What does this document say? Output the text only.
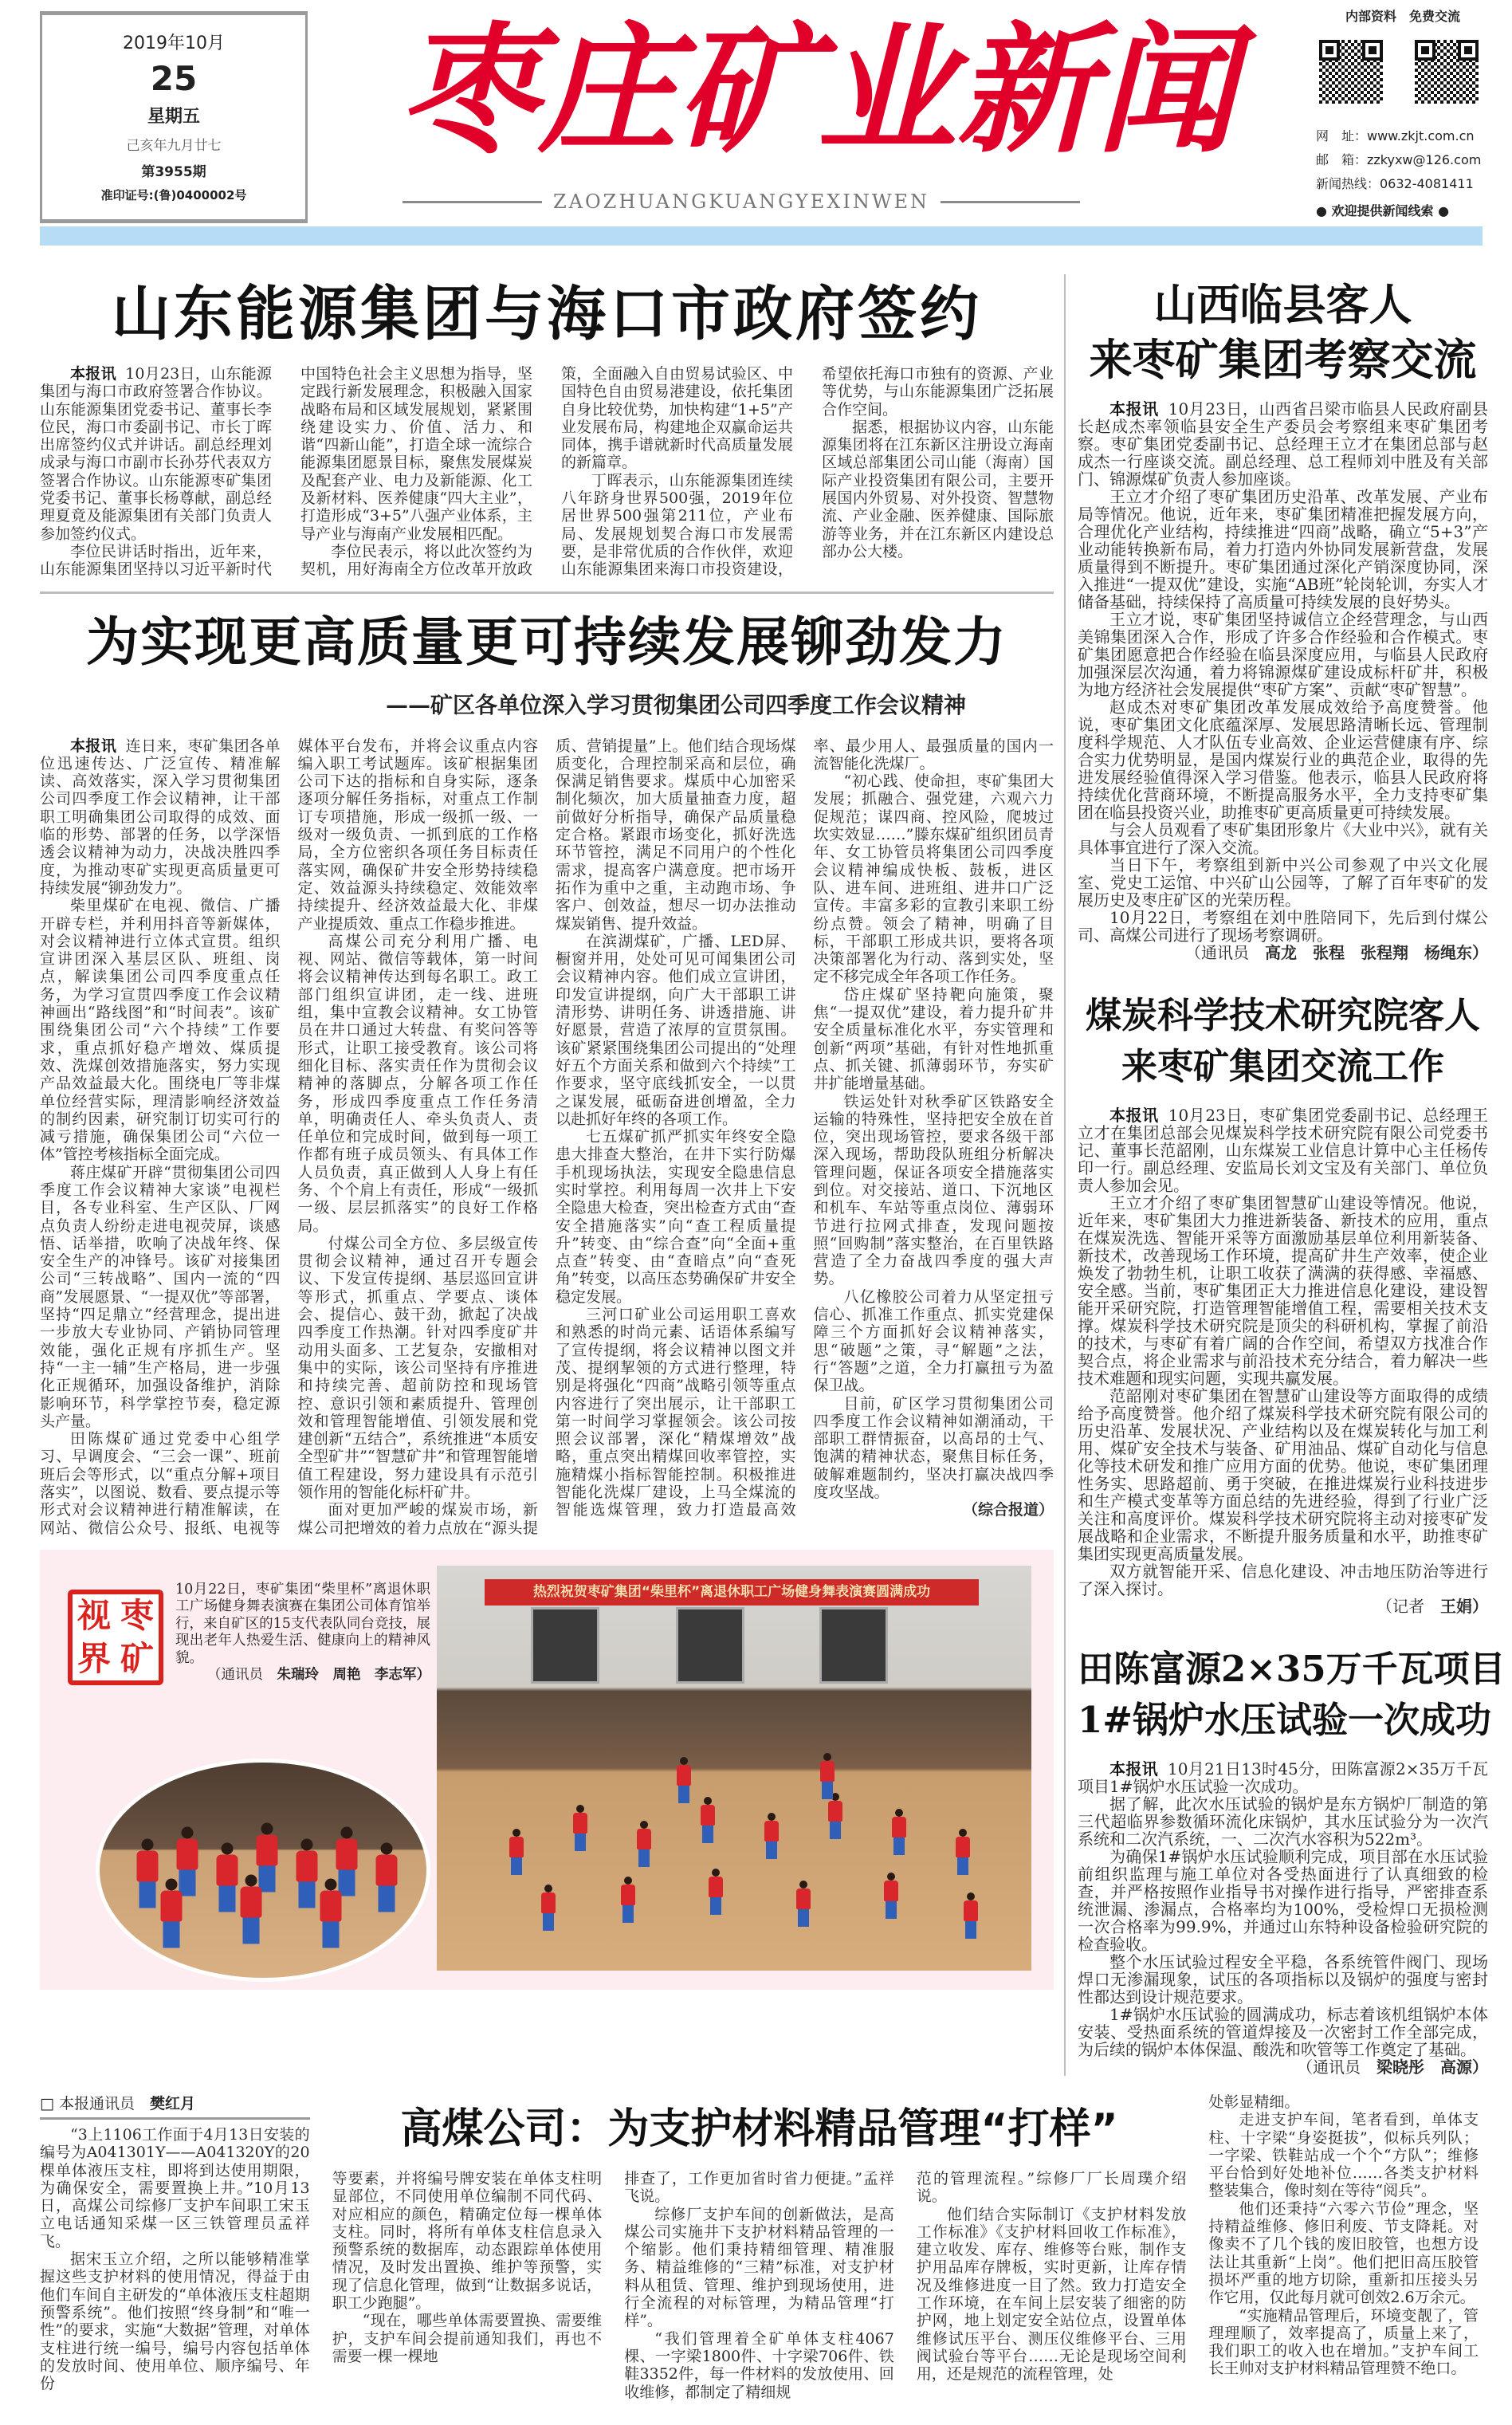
2019年10月
25
星期五
己亥年九月廿七
第3955期
准印证号:(鲁)0400002号
枣庄矿业新闻
ZAOZHUANGKUANGYEXINWEN
内部资料　免费交流
网　址：www.zkjt.com.cn
邮　箱：zzkyxw@126.com
新闻热线：0632-4081411
● 欢迎提供新闻线索 ●
山东能源集团与海口市政府签约

本报讯 10月23日，山东能源集团与海口市政府签署合作协议。山东能源集团党委书记、董事长李位民，海口市委副书记、市长丁晖出席签约仪式并讲话。副总经理刘成录与海口市副市长孙芬代表双方签署合作协议。山东能源枣矿集团党委书记、董事长杨尊献，副总经理夏竟及能源集团有关部门负责人参加签约仪式。

李位民讲话时指出，近年来，山东能源集团坚持以习近平新时代中国特色社会主义思想为指导，坚定践行新发展理念，积极融入国家战略布局和区域发展规划，紧紧围绕建设实力、价值、活力、和谐“四新山能”，打造全球一流综合能源集团愿景目标，聚焦发展煤炭及配套产业、电力及新能源、化工及新材料、医养健康“四大主业”，打造形成“3+5”八强产业体系，主导产业与海南产业发展相匹配。

李位民表示，将以此次签约为契机，用好海南全方位改革开放政策，全面融入自由贸易试验区、中国特色自由贸易港建设，依托集团自身比较优势，加快构建“1+5”产业发展布局，构建地企双赢命运共同体，携手谱就新时代高质量发展的新篇章。

丁晖表示，山东能源集团连续八年跻身世界500强，2019年位居世界500强第211位，产业布局、发展规划契合海口市发展需要，是非常优质的合作伙伴，欢迎山东能源集团来海口市投资建设，希望依托海口市独有的资源、产业等优势，与山东能源集团广泛拓展合作空间。

据悉，根据协议内容，山东能源集团将在江东新区注册设立海南区域总部集团公司山能（海南）国际产业投资集团有限公司，主要开展国内外贸易、对外投资、智慧物流、产业金融、医养健康、国际旅游等业务，并在江东新区内建设总部办公大楼。

为实现更高质量更可持续发展铆劲发力
——矿区各单位深入学习贯彻集团公司四季度工作会议精神

本报讯 连日来，枣矿集团各单位迅速传达、广泛宣传、精准解读、高效落实，深入学习贯彻集团公司四季度工作会议精神，让干部职工明确集团公司取得的成效、面临的形势、部署的任务，以学深悟透会议精神为动力，决战决胜四季度，为推动枣矿实现更高质量更可持续发展“铆劲发力”。

柴里煤矿在电视、微信、广播开辟专栏，并利用抖音等新媒体，对会议精神进行立体式宣贯。组织宣讲团深入基层区队、班组、岗点，解读集团公司四季度重点任务，为学习宣贯四季度工作会议精神画出“路线图”和“时间表”。该矿围绕集团公司“六个持续”工作要求，重点抓好稳产增效、煤质提效、洗煤创效措施落实，努力实现产品效益最大化。围绕电厂等非煤单位经营实际，理清影响经济效益的制约因素，研究制订切实可行的减亏措施，确保集团公司“六位一体”管控考核指标全面完成。

蒋庄煤矿开辟“贯彻集团公司四季度工作会议精神大家谈”电视栏目，各专业科室、生产区队、厂网点负责人纷纷走进电视荧屏，谈感悟、话举措，吹响了决战年终、保安全生产的冲锋号。该矿对接集团公司“三转战略”、国内一流的“四商”发展愿景、“一提双优”等部署，坚持“四足鼎立”经营理念，提出进一步放大专业协同、产销协同管理效能，强化正规有序抓生产。坚持“一主一辅”生产格局，进一步强化正规循环，加强设备维护，消除影响环节，科学掌控节奏，稳定源头产量。

田陈煤矿通过党委中心组学习、早调度会、“三会一课”、班前班后会等形式，以“重点分解+项目落实”，以图说、数看、要点提示等形式对会议精神进行精准解读，在网站、微信公众号、报纸、电视等媒体平台发布，并将会议重点内容编入职工考试题库。该矿根据集团公司下达的指标和自身实际，逐条逐项分解任务指标，对重点工作制订专项措施，形成一级抓一级、一级对一级负责、一抓到底的工作格局，全方位密织各项任务目标责任落实网，确保矿井安全形势持续稳定、效益源头持续稳定、效能效率持续提升、经济效益最大化、非煤产业提质效、重点工作稳步推进。

高煤公司充分利用广播、电视、网站、微信等载体，第一时间将会议精神传达到每名职工。政工部门组织宣讲团，走一线、进班组，集中宣教会议精神。女工协管员在井口通过大转盘、有奖问答等形式，让职工接受教育。该公司将细化目标、落实责任作为贯彻会议精神的落脚点，分解各项工作任务，形成四季度重点工作任务清单，明确责任人、牵头负责人、责任单位和完成时间，做到每一项工作都有班子成员领头、有具体工作人员负责，真正做到人人身上有任务、个个肩上有责任，形成“一级抓一级、层层抓落实”的良好工作格局。

付煤公司全方位、多层级宣传贯彻会议精神，通过召开专题会议、下发宣传提纲、基层巡回宣讲等形式，抓重点、学要点、谈体会、提信心、鼓干劲，掀起了决战四季度工作热潮。针对四季度矿井动用头面多、工艺复杂，安撤相对集中的实际，该公司坚持有序推进和持续完善、超前防控和现场管控、意识引领和素质提升、管理创效和管理智能增值、引领发展和党建创新“五结合”，系统推进“本质安全型矿井”“智慧矿井”和管理智能增值工程建设，努力建设具有示范引领作用的智能化标杆矿井。

面对更加严峻的煤炭市场，新煤公司把增效的着力点放在“源头提质、营销提量”上。他们结合现场煤质变化，合理控制采高和层位，确保满足销售要求。煤质中心加密采制化频次，加大质量抽查力度，超前做好分析指导，确保产品质量稳定合格。紧跟市场变化，抓好洗选环节管控，满足不同用户的个性化需求，提高客户满意度。把市场开拓作为重中之重，主动跑市场、争客户、创效益，想尽一切办法推动煤炭销售、提升效益。

在滨湖煤矿，广播、LED屏、橱窗并用，处处可见可闻集团公司会议精神内容。他们成立宣讲团，印发宣讲提纲，向广大干部职工讲清形势、讲明任务、讲透措施、讲好愿景，营造了浓厚的宣贯氛围。该矿紧紧围绕集团公司提出的“处理好五个方面关系和做到六个持续”工作要求，坚守底线抓安全，一以贯之谋发展，砥砺奋进创增盈，全力以赴抓好年终的各项工作。

七五煤矿抓严抓实年终安全隐患大排查大整治，在井下实行防爆手机现场执法，实现安全隐患信息实时掌控。利用每周一次井上下安全隐患大检查，突出检查方式由“查安全措施落实”向“查工程质量提升”转变、由“综合查”向“全面+重点查”转变、由“查暗点”向“查死角”转变，以高压态势确保矿井安全稳定发展。

三河口矿业公司运用职工喜欢和熟悉的时尚元素、话语体系编写了宣传提纲，将会议精神以图文并茂、提纲挈领的方式进行整理，特别是将强化“四商”战略引领等重点内容进行了突出展示，让干部职工第一时间学习掌握领会。该公司按照会议部署，深化“精煤增效”战略，重点突出精煤回收率管控，实施精煤小指标智能控制。积极推进智能化洗煤厂建设，上马全煤流的智能选煤管理，致力打造最高效率、最少用人、最强质量的国内一流智能化洗煤厂。

“初心践、使命担，枣矿集团大发展；抓融合、强党建，六观六力促规范；谋四商、控风险，爬坡过坎实效显……”滕东煤矿组织团员青年、女工协管员将集团公司四季度会议精神编成快板、鼓板，进区队、进车间、进班组、进井口广泛宣传。丰富多彩的宣教引来职工纷纷点赞。领会了精神，明确了目标，干部职工形成共识，要将各项决策部署化为行动、落到实处，坚定不移完成全年各项工作任务。

岱庄煤矿坚持靶向施策，聚焦“一提双优”建设，着力提升矿井安全质量标准化水平，夯实管理和创新“两项”基础，有针对性地抓重点、抓关键、抓薄弱环节，夯实矿井扩能增量基础。

铁运处针对秋季矿区铁路安全运输的特殊性，坚持把安全放在首位，突出现场管控，要求各级干部深入现场，帮助段队班组分析解决管理问题，保证各项安全措施落实到位。对交接站、道口、下沉地区和机车、车站等重点岗位、薄弱环节进行拉网式排查，发现问题按照“回购制”落实整治，在百里铁路营造了全力奋战四季度的强大声势。

八亿橡胶公司着力从坚定扭亏信心、抓准工作重点、抓实党建保障三个方面抓好会议精神落实，思“破题”之策，寻“解题”之法，行“答题”之道，全力打赢扭亏为盈保卫战。

目前，矿区学习贯彻集团公司四季度工作会议精神如潮涌动，干部职工群情振奋，以高昂的士气、饱满的精神状态，聚焦目标任务，破解难题制约，坚决打赢决战四季度攻坚战。

（综合报道）
视 枣
界 矿
10月22日，枣矿集团“柴里杯”离退休职工广场健身舞表演赛在集团公司体育馆举行，来自矿区的15支代表队同台竞技，展现出老年人热爱生活、健康向上的精神风貌。
（通讯员　 朱瑞玲　周艳　李志军）
热烈祝贺枣矿集团“柴里杯”离退休职工广场健身舞表演赛圆满成功
山西临县客人
来枣矿集团考察交流

本报讯 10月23日，山西省吕梁市临县人民政府副县长赵成杰率领临县安全生产委员会考察组来枣矿集团考察。枣矿集团党委副书记、总经理王立才在集团总部与赵成杰一行座谈交流。副总经理、总工程师刘中胜及有关部门、锦源煤矿负责人参加座谈。

王立才介绍了枣矿集团历史沿革、改革发展、产业布局等情况。他说，近年来，枣矿集团精准把握发展方向，合理优化产业结构，持续推进“四商”战略，确立“5+3”产业动能转换新布局，着力打造内外协同发展新营盘，发展质量得到不断提升。枣矿集团通过深化产销深度协同，深入推进“一提双优”建设，实施“AB班”轮岗轮训，夯实人才储备基础，持续保持了高质量可持续发展的良好势头。

王立才说，枣矿集团坚持诚信立企经营理念，与山西美锦集团深入合作，形成了许多合作经验和合作模式。枣矿集团愿意把合作经验在临县深度应用，与临县人民政府加强深层次沟通，着力将锦源煤矿建设成标杆矿井，积极为地方经济社会发展提供“枣矿方案”、贡献“枣矿智慧”。

赵成杰对枣矿集团改革发展成效给予高度赞誉。他说，枣矿集团文化底蕴深厚、发展思路清晰长远、管理制度科学规范、人才队伍专业高效、企业运营健康有序、综合实力优势明显，是国内煤炭行业的典范企业，取得的先进发展经验值得深入学习借鉴。他表示，临县人民政府将持续优化营商环境，不断提高服务水平，全力支持枣矿集团在临县投资兴业，助推枣矿更高质量更可持续发展。

与会人员观看了枣矿集团形象片《大业中兴》，就有关具体事宜进行了深入交流。

当日下午，考察组到新中兴公司参观了中兴文化展室、党史工运馆、中兴矿山公园等，了解了百年枣矿的发展历史及枣庄矿区的光荣历程。

10月22日，考察组在刘中胜陪同下，先后到付煤公司、高煤公司进行了现场考察调研。

（通讯员　 高龙　张程　张程翔　杨绳东）
煤炭科学技术研究院客人
来枣矿集团交流工作

本报讯 10月23日，枣矿集团党委副书记、总经理王立才在集团总部会见煤炭科学技术研究院有限公司党委书记、董事长范韶刚，山东煤炭工业信息计算中心主任杨传印一行。副总经理、安监局长刘文宝及有关部门、单位负责人参加会见。

王立才介绍了枣矿集团智慧矿山建设等情况。他说，近年来，枣矿集团大力推进新装备、新技术的应用，重点在煤炭洗选、智能开采等方面激励基层单位利用新装备、新技术，改善现场工作环境，提高矿井生产效率，使企业焕发了勃勃生机，让职工收获了满满的获得感、幸福感、安全感。当前，枣矿集团正大力推进信息化建设，建设智能开采研究院，打造管理智能增值工程，需要相关技术支撑。煤炭科学技术研究院是顶尖的科研机构，掌握了前沿的技术，与枣矿有着广阔的合作空间，希望双方找准合作契合点，将企业需求与前沿技术充分结合，着力解决一些技术难题和现实问题，实现共赢发展。

范韶刚对枣矿集团在智慧矿山建设等方面取得的成绩给予高度赞誉。他介绍了煤炭科学技术研究院有限公司的历史沿革、发展状况、产业结构以及在煤炭转化与加工利用、煤矿安全技术与装备、矿用油品、煤矿自动化与信息化等技术研发和推广应用方面的优势。他说，枣矿集团理性务实、思路超前、勇于突破，在推进煤炭行业科技进步和生产模式变革等方面总结的先进经验，得到了行业广泛关注和高度评价。煤炭科学技术研究院将主动对接枣矿发展战略和企业需求，不断提升服务质量和水平，助推枣矿集团实现更高质量发展。

双方就智能开采、信息化建设、冲击地压防治等进行了深入探讨。

（记者　 王娟）
田陈富源2×35万千瓦项目
1#锅炉水压试验一次成功

本报讯 10月21日13时45分，田陈富源2×35万千瓦项目1#锅炉水压试验一次成功。

据了解，此次水压试验的锅炉是东方锅炉厂制造的第三代超临界参数循环流化床锅炉，其水压试验分为一次汽系统和二次汽系统，一、二次汽水容积为522m³。

为确保1#锅炉水压试验顺利完成，项目部在水压试验前组织监理与施工单位对各受热面进行了认真细致的检查，并严格按照作业指导书对操作进行指导，严密排查系统泄漏、渗漏点，合格率均为100%，受检焊口无损检测一次合格率为99.9%，并通过山东特种设备检验研究院的检查验收。

整个水压试验过程安全平稳，各系统管件阀门、现场焊口无渗漏现象，试压的各项指标以及锅炉的强度与密封性都达到设计规范要求。

1#锅炉水压试验的圆满成功，标志着该机组锅炉本体安装、受热面系统的管道焊接及一次密封工作全部完成，为后续的锅炉本体保温、酸洗和吹管等工作奠定了基础。

（通讯员　 梁晓彤　高源）
□ 本报通讯员　 樊红月

“3上1106工作面于4月13日安装的编号为A041301Y——A041320Y的20棵单体液压支柱，即将到达使用期限，为确保安全，需要置换上井。”10月13日，高煤公司综修厂支护车间职工宋玉立电话通知采煤一区三铁管理员孟祥飞。

据宋玉立介绍，之所以能够精准掌握这些支护材料的使用情况，得益于由他们车间自主研发的“单体液压支柱超期预警系统”。他们按照“终身制”和“唯一性”的要求，实施“大数据”管理，对单体支柱进行统一编号，编号内容包括单体的发放时间、使用单位、顺序编号、年份

高煤公司：为支护材料精品管理“打样”

等要素，并将编号牌安装在单体支柱明显部位，不同使用单位编制不同代码、对应相应的颜色，精确定位每一棵单体支柱。同时，将所有单体支柱信息录入预警系统的数据库，动态跟踪单体使用情况，及时发出置换、维护等预警，实现了信息化管理，做到“让数据多说话，职工少跑腿”。

“现在，哪些单体需要置换、需要维护，支护车间会提前通知我们，再也不需要一棵一棵地

排查了，工作更加省时省力便捷。”孟祥飞说。

综修厂支护车间的创新做法，是高煤公司实施井下支护材料精品管理的一个缩影。他们秉持精细管理、精准服务、精益维修的“三精”标准，对支护材料从租赁、管理、维护到现场使用，进行全流程的对标管理，为精品管理“打样”。

“我们管理着全矿单体支柱4067棵、一字梁1800件、十字梁706件、铁鞋3352件，每一件材料的发放使用、回收维修，都制定了精细规

范的管理流程。”综修厂厂长周璞介绍说。

他们结合实际制订《支护材料发放工作标准》《支护材料回收工作标准》，建立收发、库存、维修等台账，制作支护用品库存牌板，实时更新，让库存情况及维修进度一目了然。致力打造安全工作环境，在车间上层安装了细密的防护网，地上划定安全站位点，设置单体维修试压平台、测压仪维修平台、三用阀试验台等平台……无论是现场空间利用，还是规范的流程管理，处

处彰显精细。

走进支护车间，笔者看到，单体支柱、十字梁“身姿挺拔”，似标兵列队；一字梁、铁鞋站成一个个“方队”；维修平台恰到好处地补位……各类支护材料整装集合，像时刻在等待“阅兵”。

他们还秉持“六零六节俭”理念，坚持精益维修、修旧利废、节支降耗。对像卖不了几个钱的废旧胶管，也想方设法让其重新“上岗”。他们把旧高压胶管损坏严重的地方切除，重新扣压接头另作它用，仅此每月就可创效2.6万余元。

“实施精品管理后，环境变靓了，管理理顺了，效率提高了，质量上来了，我们职工的收入也在增加。”支护车间工长王帅对支护材料精品管理赞不绝口。
